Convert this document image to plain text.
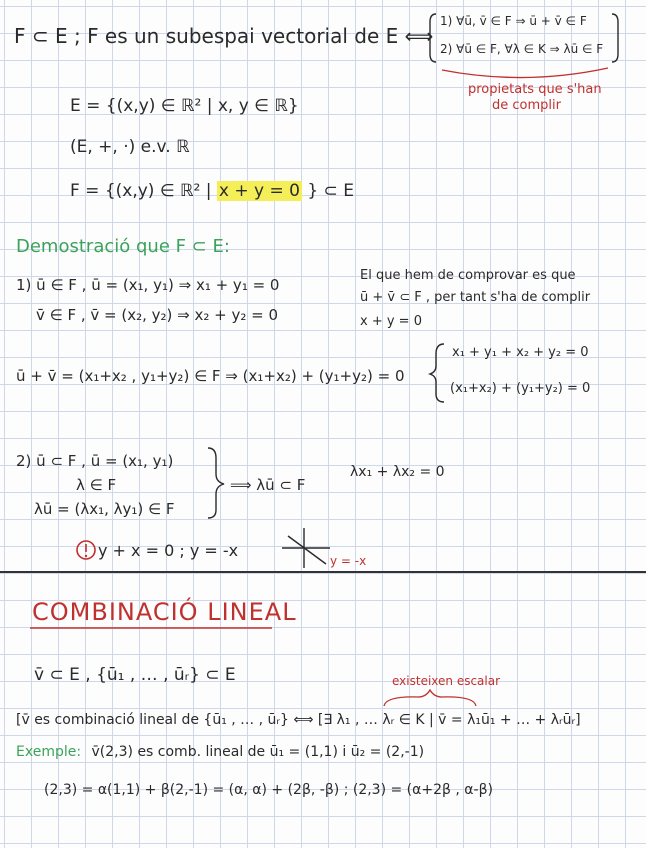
F ⊂ E ; F es un subespai vectorial de E ⟺
1) ∀ū, v̄ ∈ F ⇒ ū + v̄ ∈ F
2) ∀ū ∈ F, ∀λ ∈ K ⇒ λū ∈ F
propietats que s'han
de complir
E = {(x,y) ∈ ℝ² | x, y ∈ ℝ}
(E, +, ·) e.v. ℝ
F = {(x,y) ∈ ℝ² | x + y = 0 } ⊂ E
Demostració que F ⊂ E:
1) ū ∈ F , ū = (x₁, y₁) ⇒ x₁ + y₁ = 0
v̄ ∈ F , v̄ = (x₂, y₂) ⇒ x₂ + y₂ = 0
El que hem de comprovar es que
ū + v̄ ⊂ F , per tant s'ha de complir
x + y = 0
ū + v̄ = (x₁+x₂ , y₁+y₂) ∈ F ⇒ (x₁+x₂) + (y₁+y₂) = 0
x₁ + y₁ + x₂ + y₂ = 0
(x₁+x₂) + (y₁+y₂) = 0
2) ū ⊂ F , ū = (x₁, y₁)
λ ∈ F
λū = (λx₁, λy₁) ∈ F
⟹ λū ⊂ F
λx₁ + λx₂ = 0
y + x = 0 ; y = -x
y = -x
COMBINACIÓ LINEAL
v̄ ⊂ E , {ū₁ , … , ūᵣ} ⊂ E	existeixen escalar
[v̄ es combinació lineal de {ū₁ , … , ūᵣ} ⟺ [∃ λ₁ , … λᵣ ∈ K | v̄ = λ₁ū₁ + … + λᵣūᵣ]
Exemple: v̄(2,3) es comb. lineal de ū₁ = (1,1) i ū₂ = (2,-1)
(2,3) = α(1,1) + β(2,-1) = (α, α) + (2β, -β) ; (2,3) = (α+2β , α-β)
